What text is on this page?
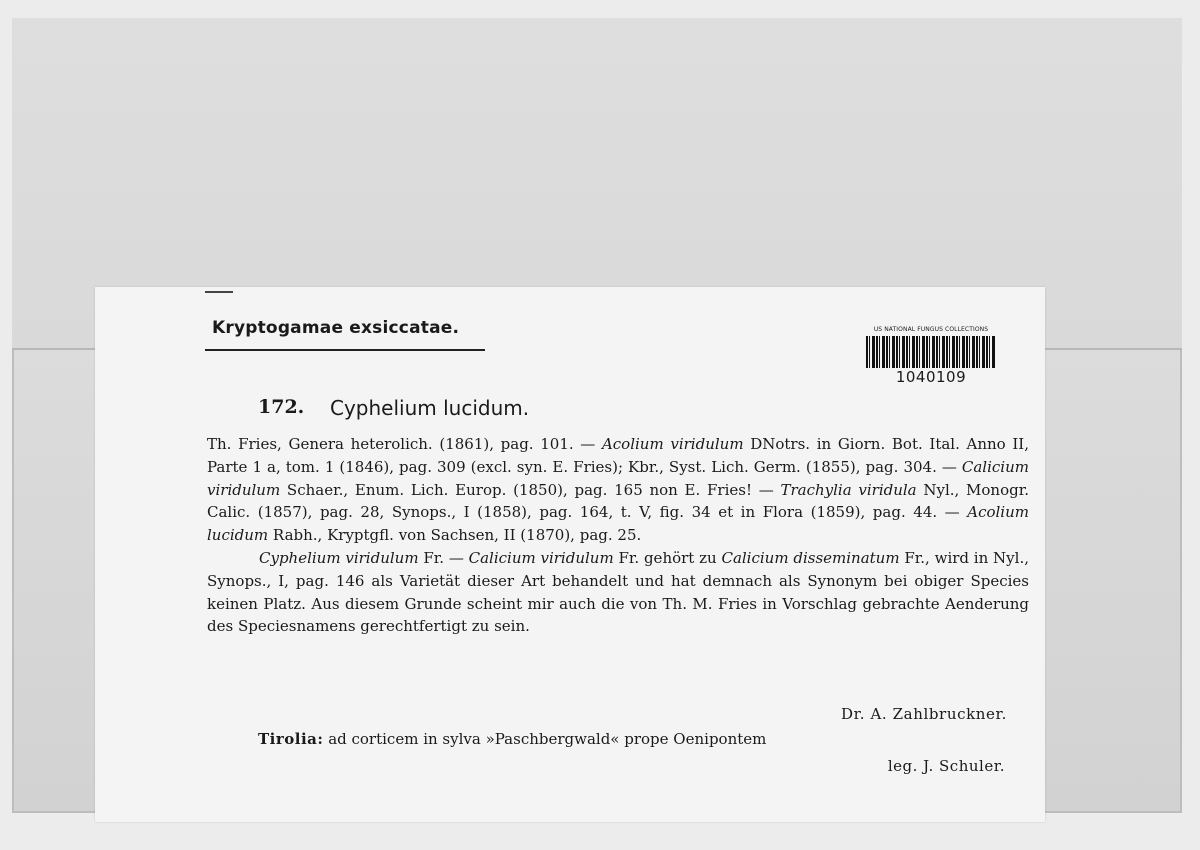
Kryptogamae exsiccatae.	US NATIONAL FUNGUS COLLECTIONS
1040109
172. Cyphelium lucidum.

Th. Fries, Genera heterolich. (1861), pag. 101. — Acolium viridulum DNotrs. in Giorn. Bot. Ital. Anno II, Parte 1 a, tom. 1 (1846), pag. 309 (excl. syn. E. Fries); Kbr., Syst. Lich. Germ. (1855), pag. 304. — Calicium viridulum Schaer., Enum. Lich. Europ. (1850), pag. 165 non E. Fries! — Trachylia viridula Nyl., Monogr. Calic. (1857), pag. 28, Synops., I (1858), pag. 164, t. V, fig. 34 et in Flora (1859), pag. 44. — Acolium lucidum Rabh., Kryptgfl. von Sachsen, II (1870), pag. 25.

Cyphelium viridulum Fr. — Calicium viridulum Fr. gehört zu Calicium disseminatum Fr., wird in Nyl., Synops., I, pag. 146 als Varietät dieser Art behandelt und hat demnach als Synonym bei obiger Species keinen Platz. Aus diesem Grunde scheint mir auch die von Th. M. Fries in Vorschlag gebrachte Aenderung des Speciesnamens gerechtfertigt zu sein.

Dr. A. Zahlbruckner.
Tirolia: ad corticem in sylva »Paschbergwald« prope Oenipontem
leg. J. Schuler.
